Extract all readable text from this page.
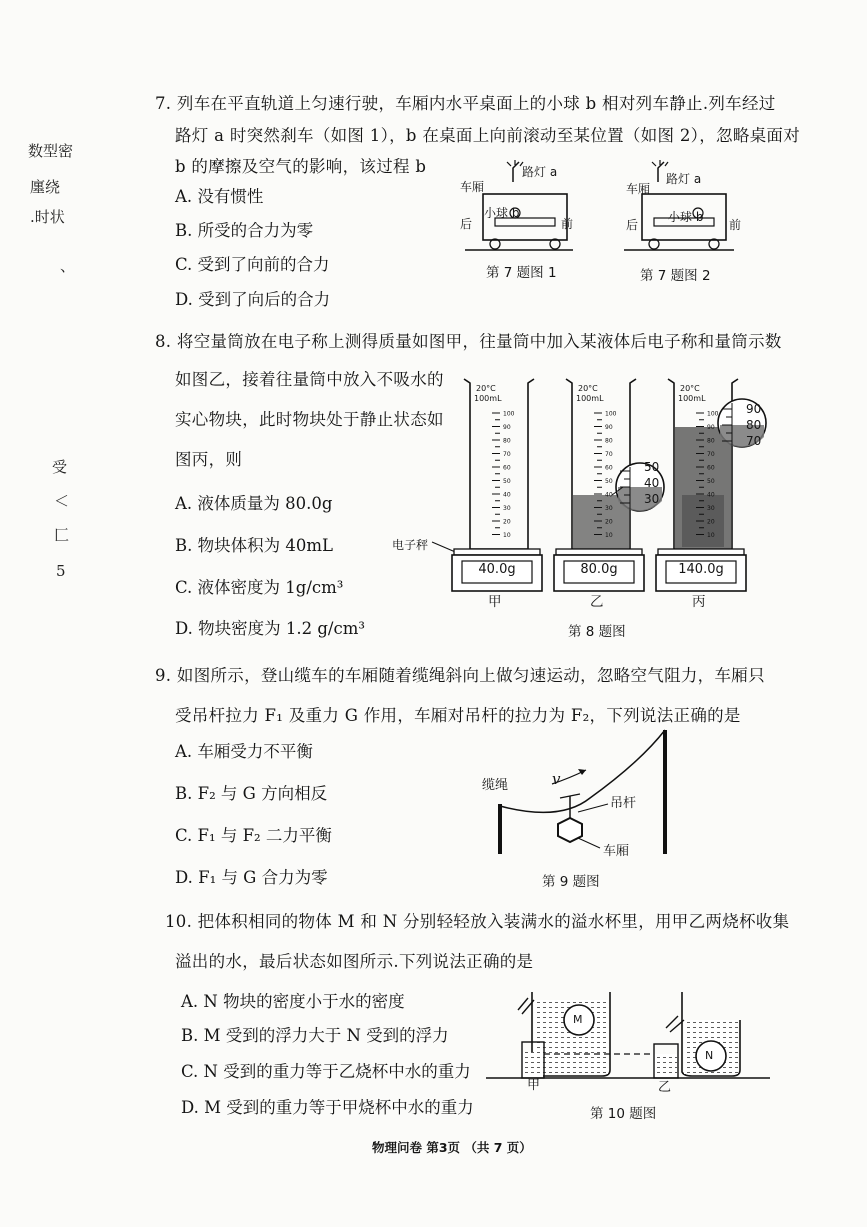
数型密
廛绕
.时状
、
受
＜
匚
5
7. 列车在平直轨道上匀速行驶，车厢内水平桌面上的小球 b 相对列车静止.列车经过
路灯 a 时突然刹车（如图 1），b 在桌面上向前滚动至某位置（如图 2），忽略桌面对
b 的摩擦及空气的影响，该过程 b
A. 没有惯性
B. 所受的合力为零
C. 受到了向前的合力
D. 受到了向后的合力
路灯 a
车厢
小球 b
后	前
第 7 题图 1
路灯 a
车厢
小球 b
后	前
第 7 题图 2
8. 将空量筒放在电子称上测得质量如图甲，往量筒中加入某液体后电子称和量筒示数
如图乙，接着往量筒中放入不吸水的
实心物块，此时物块处于静止状态如
图丙，则
A. 液体质量为 80.0g
B. 物块体积为 40mL
C. 液体密度为 1g/cm³
D. 物块密度为 1.2 g/cm³
电子秤
100
90
80
70
60
50
40
30
20
10
20°C
100mL
40.0g
甲
100
90
80
70
60
50
40
30
20
10
20°C
100mL
50
40
30
80.0g
乙
100
90
80
70
60
50
40
30
20
10
20°C
100mL
90
80
70
140.0g
丙
第 8 题图
9. 如图所示，登山缆车的车厢随着缆绳斜向上做匀速运动，忽略空气阻力，车厢只
受吊杆拉力 F₁ 及重力 G 作用，车厢对吊杆的拉力为 F₂，下列说法正确的是
A. 车厢受力不平衡
B. F₂ 与 G 方向相反
C. F₁ 与 F₂ 二力平衡
D. F₁ 与 G 合力为零
缆绳	v
吊杆
车厢
第 9 题图
10. 把体积相同的物体 M 和 N 分别轻轻放入装满水的溢水杯里，用甲乙两烧杯收集
溢出的水，最后状态如图所示.下列说法正确的是
A. N 物块的密度小于水的密度
B. M 受到的浮力大于 N 受到的浮力
C. N 受到的重力等于乙烧杯中水的重力
D. M 受到的重力等于甲烧杯中水的重力
M
N
甲	乙
第 10 题图
物理问卷 第3页 （共 7 页）
